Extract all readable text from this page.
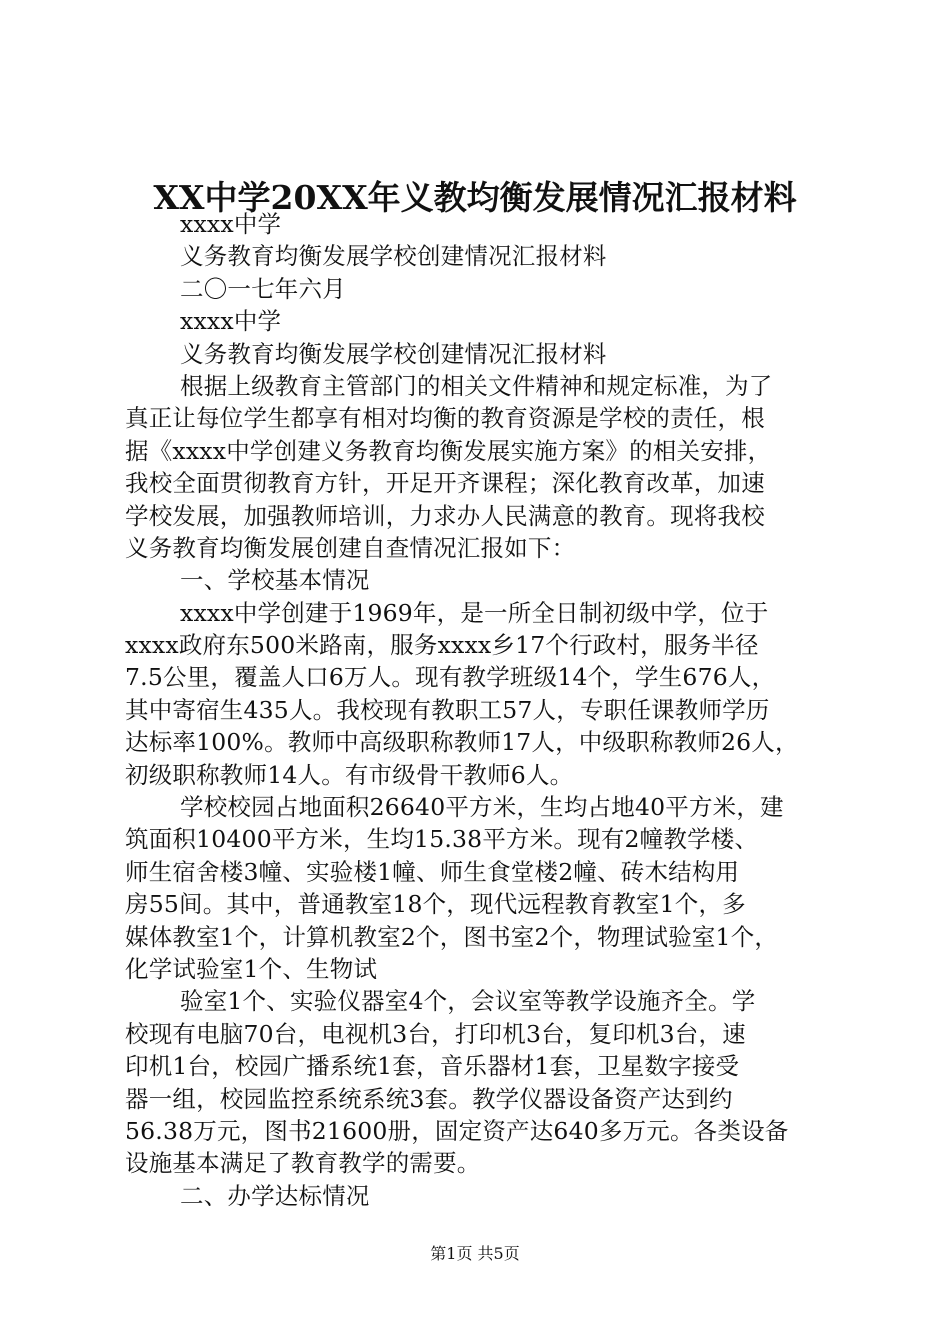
XX中学20XX年义教均衡发展情况汇报材料
xxxx中学
义务教育均衡发展学校创建情况汇报材料
二〇一七年六月
xxxx中学
义务教育均衡发展学校创建情况汇报材料
根据上级教育主管部门的相关文件精神和规定标准，为了
真正让每位学生都享有相对均衡的教育资源是学校的责任，根
据《xxxx中学创建义务教育均衡发展实施方案》的相关安排，
我校全面贯彻教育方针，开足开齐课程；深化教育改革，加速
学校发展，加强教师培训，力求办人民满意的教育。现将我校
义务教育均衡发展创建自查情况汇报如下：
一、学校基本情况
xxxx中学创建于1969年，是一所全日制初级中学，位于
xxxx政府东500米路南，服务xxxx乡17个行政村，服务半径
7.5公里，覆盖人口6万人。现有教学班级14个，学生676人，
其中寄宿生435人。我校现有教职工57人，专职任课教师学历
达标率100%。教师中高级职称教师17人，中级职称教师26人，
初级职称教师14人。有市级骨干教师6人。
学校校园占地面积26640平方米，生均占地40平方米，建
筑面积10400平方米，生均15.38平方米。现有2幢教学楼、
师生宿舍楼3幢、实验楼1幢、师生食堂楼2幢、砖木结构用
房55间。其中，普通教室18个，现代远程教育教室1个，多
媒体教室1个，计算机教室2个，图书室2个，物理试验室1个，
化学试验室1个、生物试
验室1个、实验仪器室4个，会议室等教学设施齐全。学
校现有电脑70台，电视机3台，打印机3台，复印机3台，速
印机1台，校园广播系统1套，音乐器材1套，卫星数字接受
器一组，校园监控系统系统3套。教学仪器设备资产达到约
56.38万元，图书21600册，固定资产达640多万元。各类设备
设施基本满足了教育教学的需要。
二、办学达标情况
第1页 共5页
